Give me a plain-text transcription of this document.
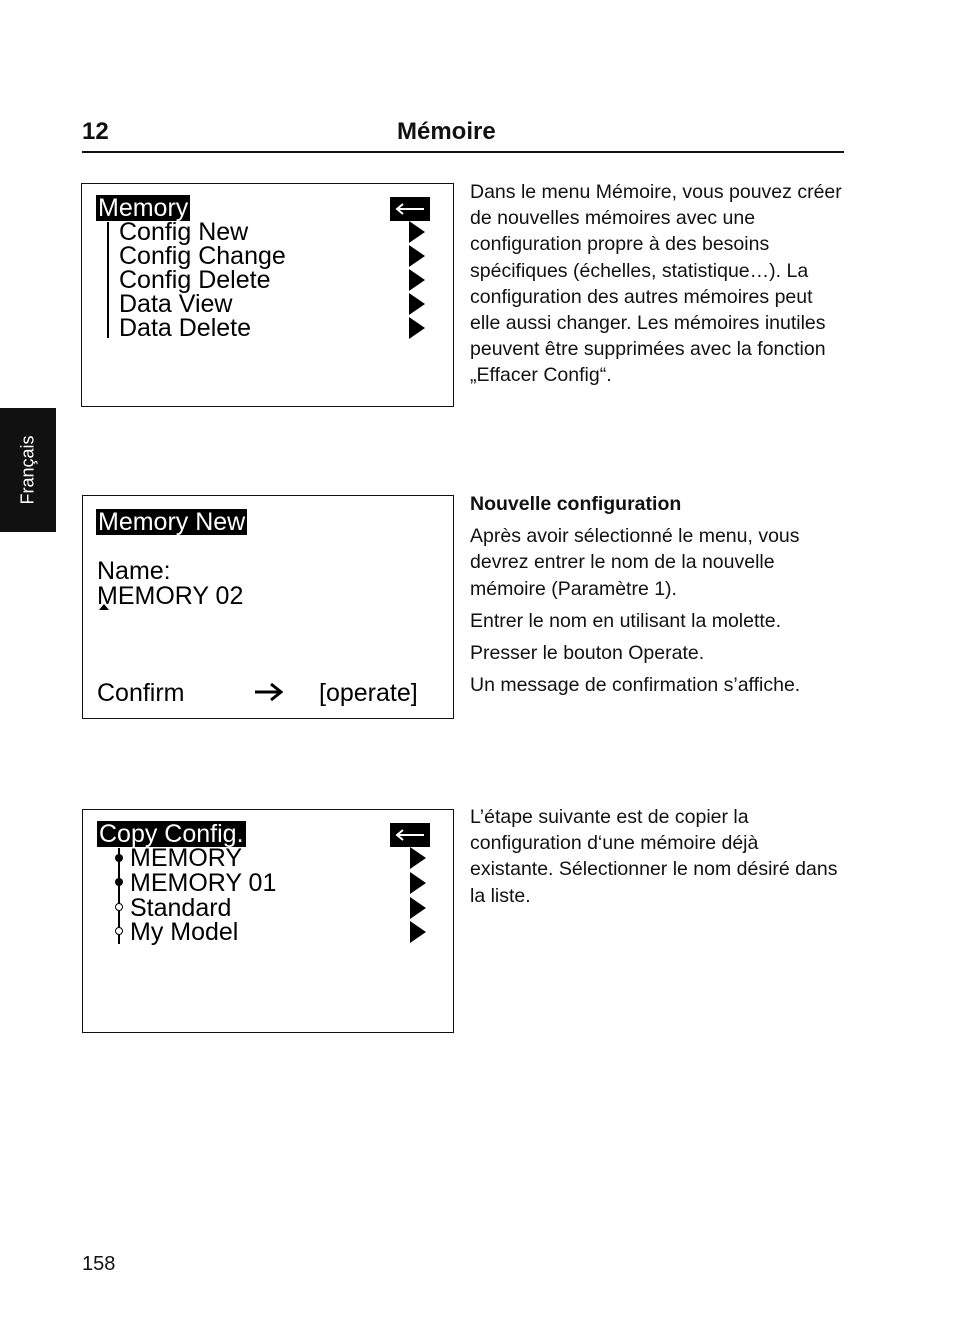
12	Mémoire
Français
Memory
Config New
Config Change
Config Delete
Data View
Data Delete
Dans le menu Mémoire, vous pouvez créer de nouvelles mémoires avec une configuration propre à des besoins spécifiques (échelles, statistique…). La configuration des autres mémoires peut elle aussi changer. Les mémoires inutiles peuvent être supprimées avec la fonction „Effacer Config“.
Memory New
Name:
MEMORY 02
Confirm	[operate]

Nouvelle configuration

Après avoir sélectionné le menu, vous devrez entrer le nom de la nouvelle mémoire (Paramètre 1).

Entrer le nom en utilisant la molette.

Presser le bouton Operate.

Un message de confirmation s’affiche.

Copy Config.
MEMORY
MEMORY 01
Standard
My Model
L’étape suivante est de copier la configuration d‘une mémoire déjà existante. Sélectionner le nom désiré dans la liste.
158
